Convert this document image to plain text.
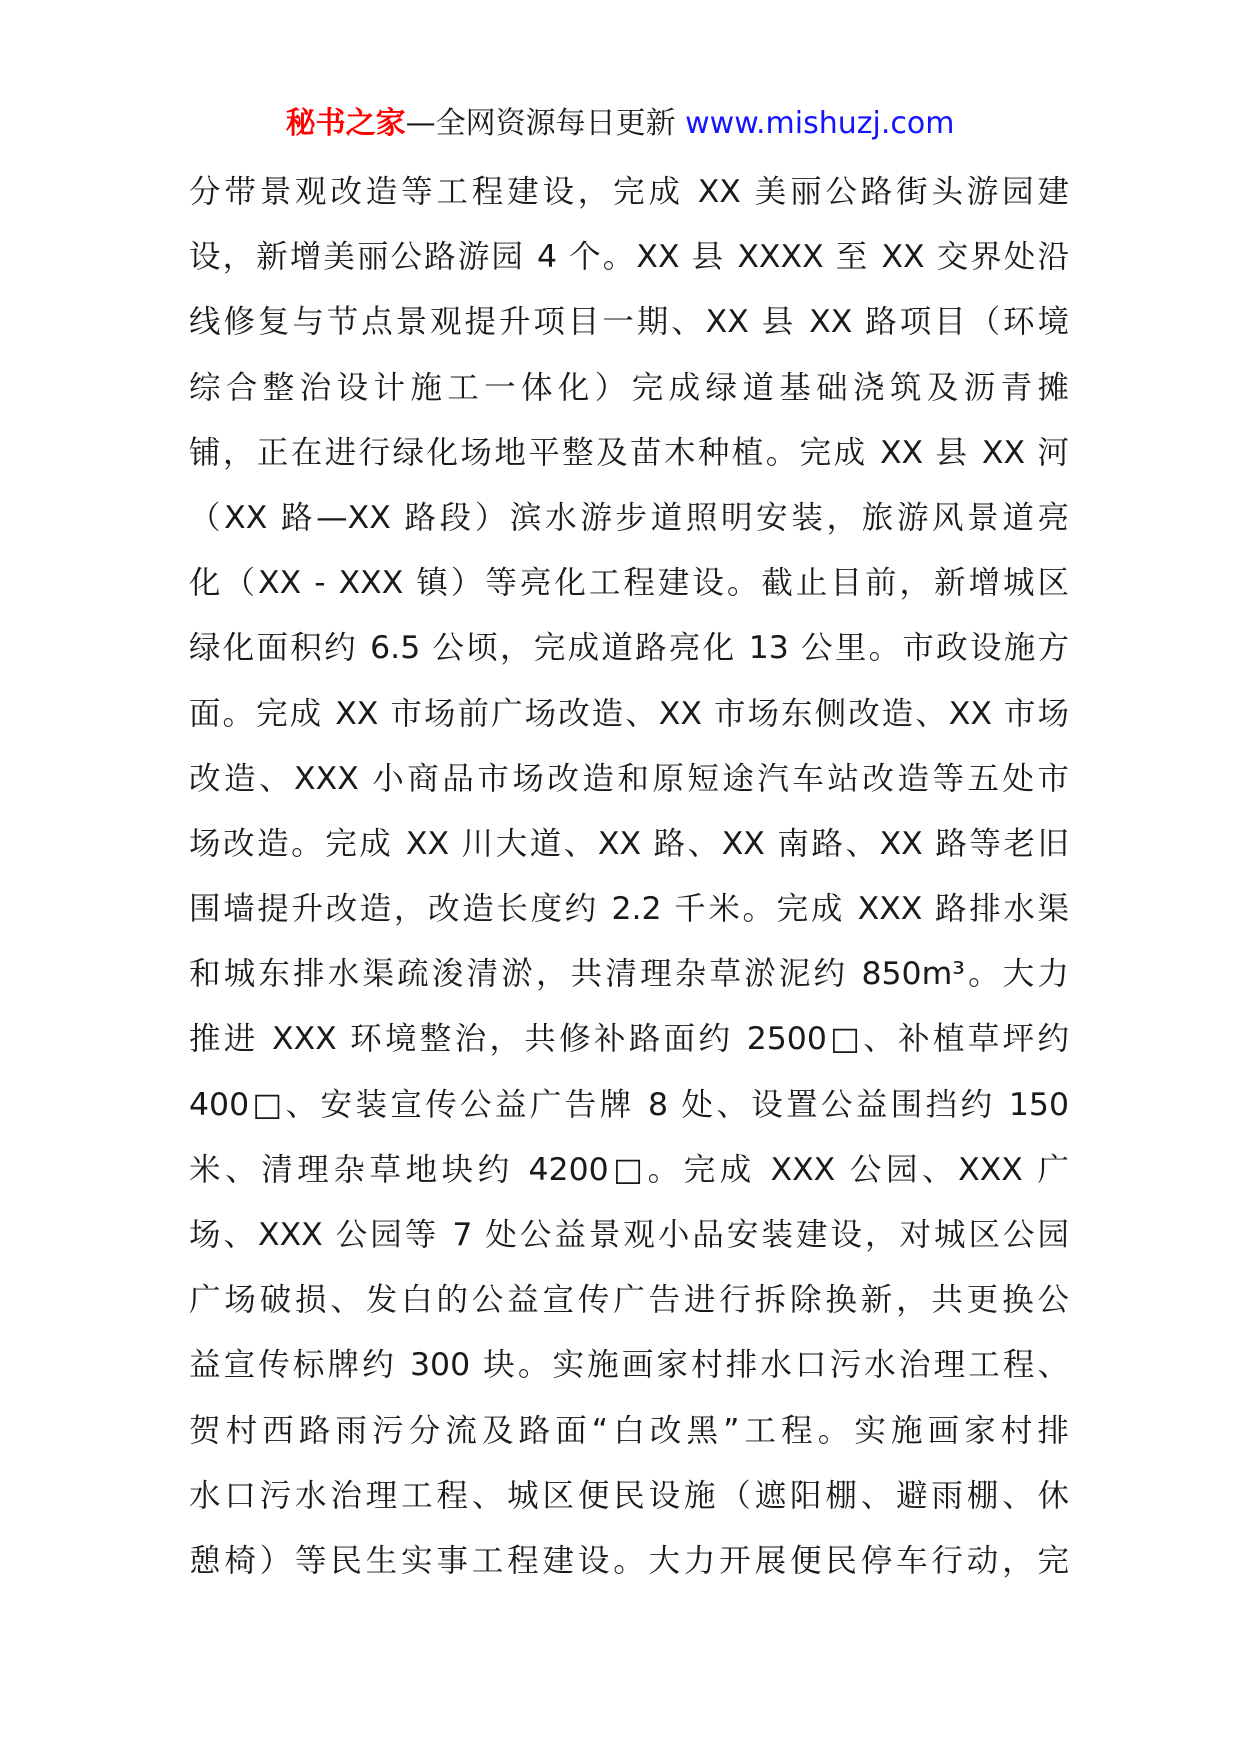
秘书之家—全网资源每日更新 www.mishuzj.com
分带景观改造等工程建设，完成 XX 美丽公路街头游园建
设，新增美丽公路游园 4 个。XX 县 XXXX 至 XX 交界处沿
线修复与节点景观提升项目一期、XX 县 XX 路项目（环境
综合整治设计施工一体化）完成绿道基础浇筑及沥青摊
铺，正在进行绿化场地平整及苗木种植。完成 XX 县 XX 河
（XX 路—XX 路段）滨水游步道照明安装，旅游风景道亮
化（XX - XXX 镇）等亮化工程建设。截止目前，新增城区
绿化面积约 6.5 公顷，完成道路亮化 13 公里。市政设施方
面。完成 XX 市场前广场改造、XX 市场东侧改造、XX 市场
改造、XXX 小商品市场改造和原短途汽车站改造等五处市
场改造。完成 XX 川大道、XX 路、XX 南路、XX 路等老旧
围墙提升改造，改造长度约 2.2 千米。完成 XXX 路排水渠
和城东排水渠疏浚清淤，共清理杂草淤泥约 850m³。大力
推进 XXX 环境整治，共修补路面约 2500□、补植草坪约
400□、安装宣传公益广告牌 8 处、设置公益围挡约 150
米、清理杂草地块约 4200□。完成 XXX 公园、XXX 广
场、XXX 公园等 7 处公益景观小品安装建设，对城区公园
广场破损、发白的公益宣传广告进行拆除换新，共更换公
益宣传标牌约 300 块。实施画家村排水口污水治理工程、
贺村西路雨污分流及路面“白改黑”工程。实施画家村排
水口污水治理工程、城区便民设施（遮阳棚、避雨棚、休
憩椅）等民生实事工程建设。大力开展便民停车行动，完
